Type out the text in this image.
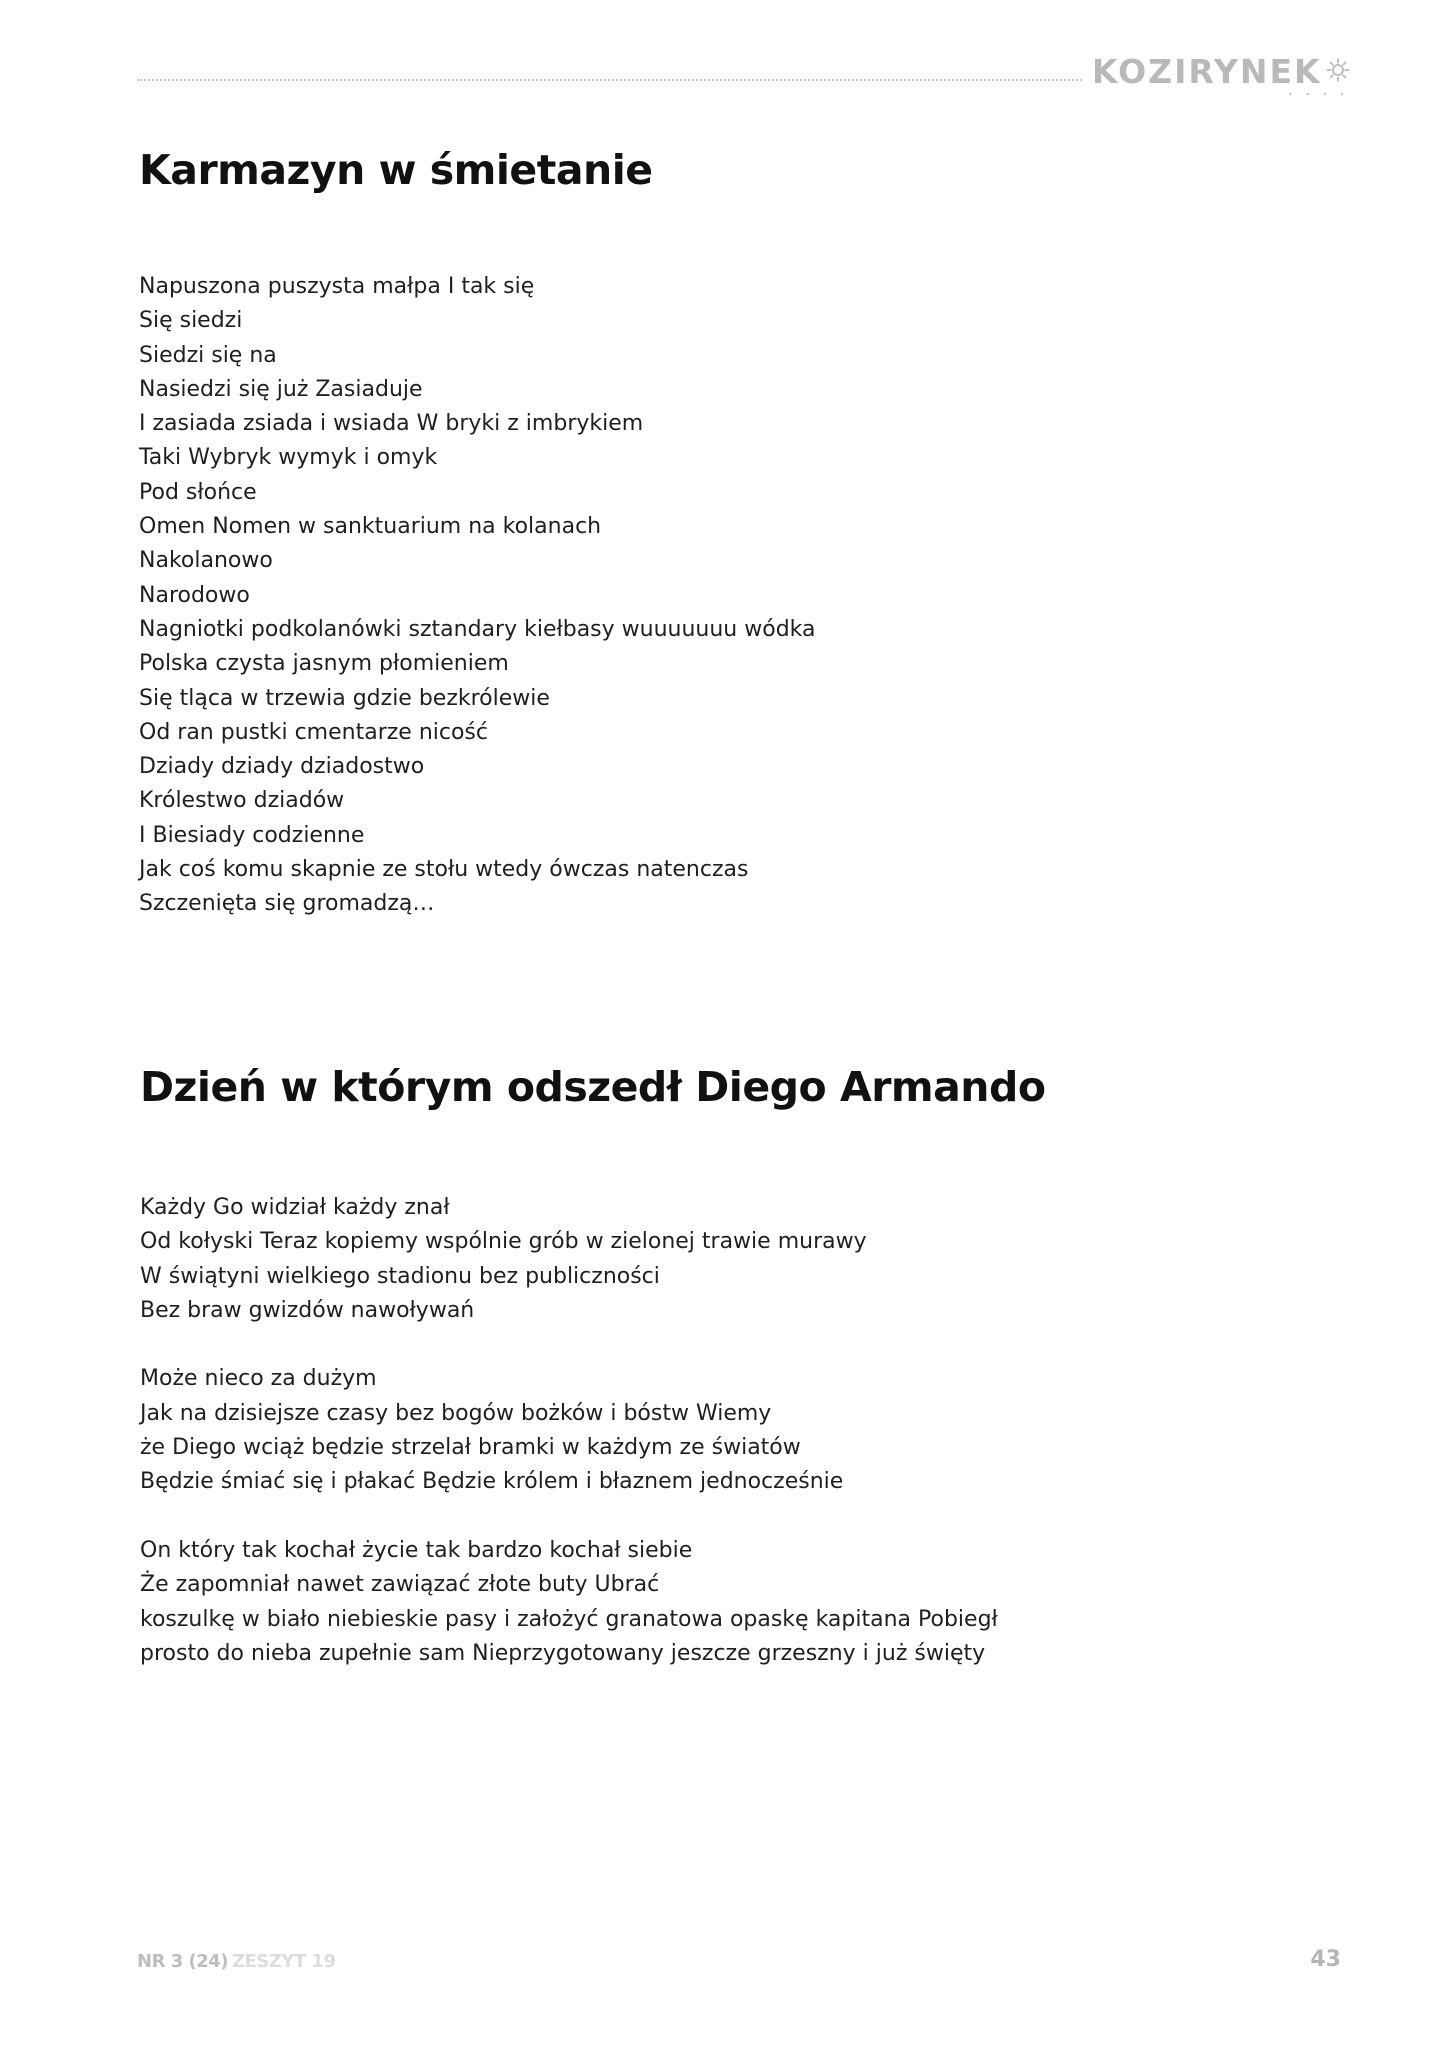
KOZIRYNEK
• • • •
Karmazyn w śmietanie
Napuszona puszysta małpa I tak się
Się siedzi
Siedzi się na
Nasiedzi się już Zasiaduje
I zasiada zsiada i wsiada W bryki z imbrykiem
Taki Wybryk wymyk i omyk
Pod słońce
Omen Nomen w sanktuarium na kolanach
Nakolanowo
Narodowo
Nagniotki podkolanówki sztandary kiełbasy wuuuuuuu wódka
Polska czysta jasnym płomieniem
Się tląca w trzewia gdzie bezkrólewie
Od ran pustki cmentarze nicość
Dziady dziady dziadostwo
Królestwo dziadów
I Biesiady codzienne
Jak coś komu skapnie ze stołu wtedy ówczas natenczas
Szczenięta się gromadzą…
Dzień w którym odszedł Diego Armando
Każdy Go widział każdy znał
Od kołyski Teraz kopiemy wspólnie grób w zielonej trawie murawy
W świątyni wielkiego stadionu bez publiczności
Bez braw gwizdów nawoływań
Może nieco za dużym
Jak na dzisiejsze czasy bez bogów bożków i bóstw Wiemy
że Diego wciąż będzie strzelał bramki w każdym ze światów
Będzie śmiać się i płakać Będzie królem i błaznem jednocześnie
On który tak kochał życie tak bardzo kochał siebie
Że zapomniał nawet zawiązać złote buty Ubrać
koszulkę w biało niebieskie pasy i założyć granatowa opaskę kapitana Pobiegł
prosto do nieba zupełnie sam Nieprzygotowany jeszcze grzeszny i już święty
NR 3 (24) ZESZYT 19	43
